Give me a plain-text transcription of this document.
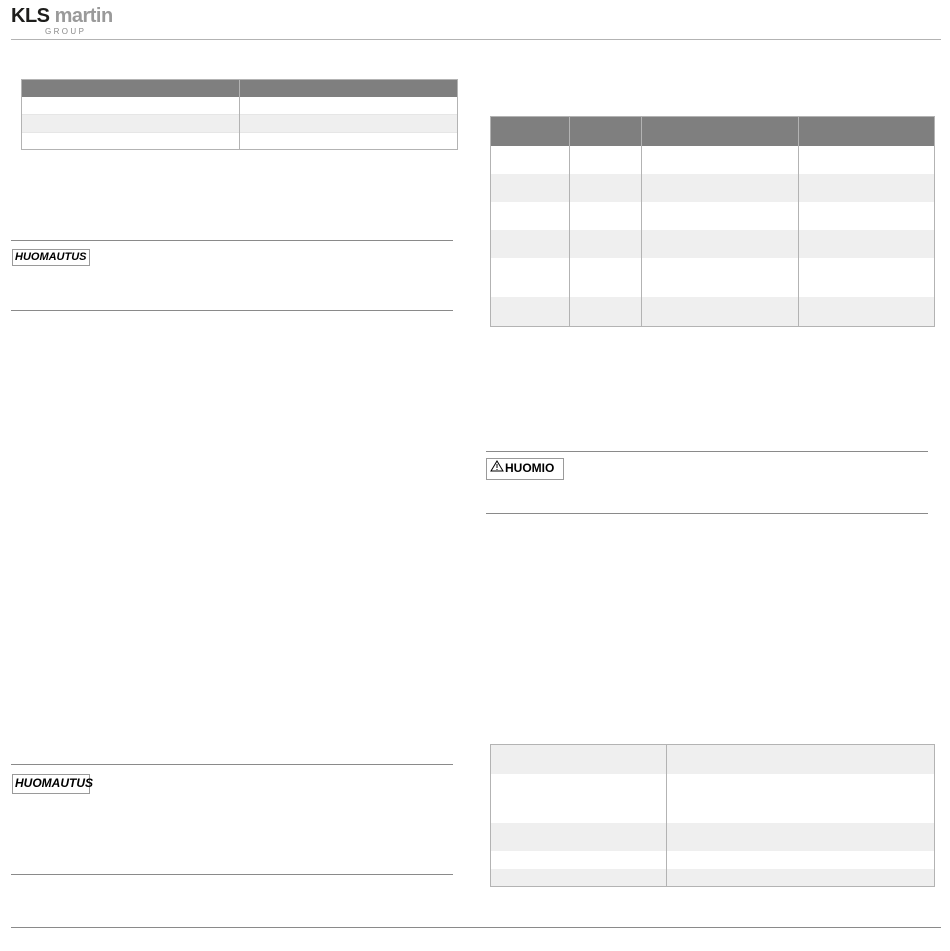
KLS martin
GROUP
HUOMAUTUS
HUOMAUTUS
HUOMIO
